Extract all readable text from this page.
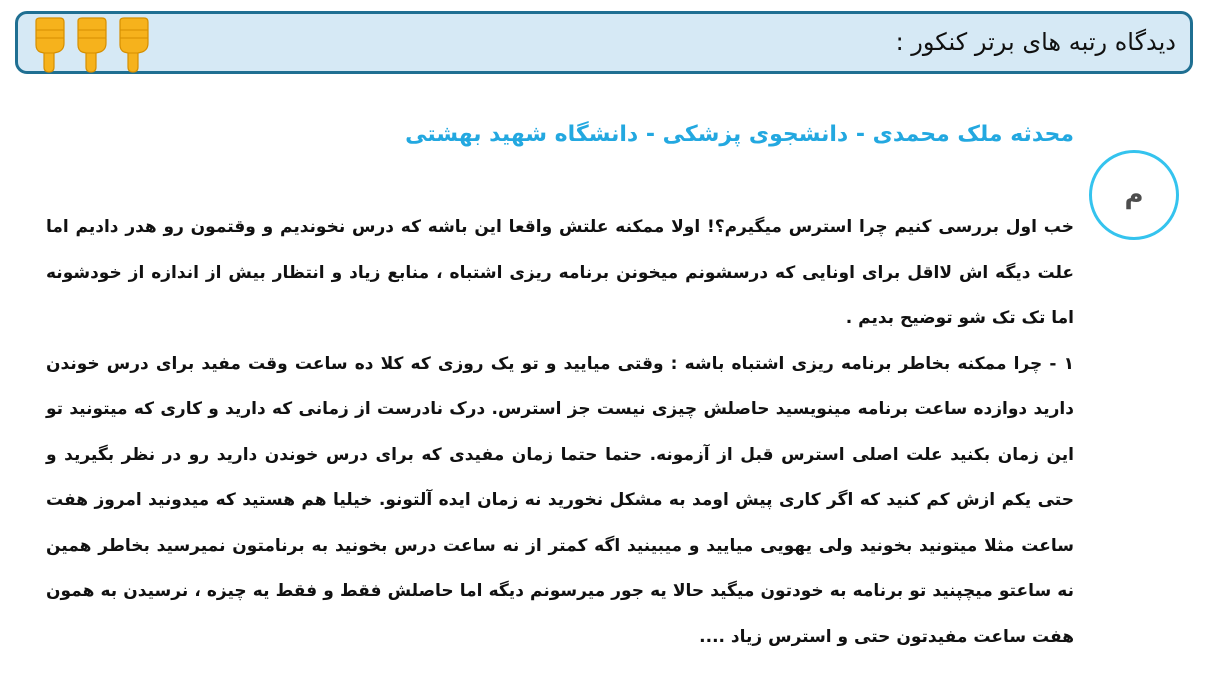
دیدگاه رتبه های برتر کنکور :
محدثه ملک محمدی - دانشجوی پزشکی - دانشگاه شهید بهشتی
م

خب اول بررسی کنیم چرا استرس میگیرم؟! اولا ممکنه علتش واقعا این باشه که درس نخوندیم و وقتمون رو هدر دادیم اما علت دیگه اش لااقل برای اونایی که درسشونم میخونن برنامه ریزی اشتباه ، منابع زیاد و انتظار بیش از اندازه از خودشونه اما تک تک شو توضیح بدیم .

۱ - چرا ممکنه بخاطر برنامه ریزی اشتباه باشه : وقتی میایید و تو یک روزی که کلا ده ساعت وقت مفید برای درس خوندن دارید دوازده ساعت برنامه مینویسید حاصلش چیزی نیست جز استرس. درک نادرست از زمانی که دارید و کاری که میتونید تو این زمان بکنید علت اصلی استرس قبل از آزمونه. حتما حتما زمان مفیدی که برای درس خوندن دارید رو در نظر بگیرید و حتی یکم ازش کم کنید که اگر کاری پیش اومد به مشکل نخورید نه زمان ایده آلتونو. خیلیا هم هستید که میدونید امروز هفت ساعت مثلا میتونید بخونید ولی یهویی میایید و میبینید اگه کمتر از نه ساعت درس بخونید به برنامتون نمیرسید بخاطر همین نه ساعتو میچپنید تو برنامه به خودتون میگید حالا یه جور میرسونم دیگه اما حاصلش فقط و فقط یه چیزه ، نرسیدن به همون هفت ساعت مفیدتون حتی و استرس زیاد ....
